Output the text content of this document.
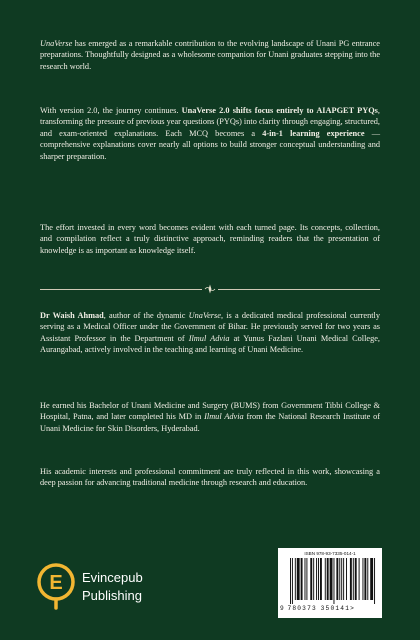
UnaVerse has emerged as a remarkable contribution to the evolving landscape of Unani PG entrance preparations. Thoughtfully designed as a wholesome companion for Unani graduates stepping into the research world.

With version 2.0, the journey continues. UnaVerse 2.0 shifts focus entirely to AIAPGET PYQs, transforming the pressure of previous year questions (PYQs) into clarity through engaging, structured, and exam-oriented explanations. Each MCQ becomes a 4-in-1 learning experience — comprehensive explanations cover nearly all options to build stronger conceptual understanding and sharper preparation.

The effort invested in every word becomes evident with each turned page. Its concepts, collection, and compilation reflect a truly distinctive approach, reminding readers that the presentation of knowledge is as important as knowledge itself.

Dr Waish Ahmad, author of the dynamic UnaVerse, is a dedicated medical professional currently serving as a Medical Officer under the Government of Bihar. He previously served for two years as Assistant Professor in the Department of Ilmul Advia at Yunus Fazlani Unani Medical College, Aurangabad, actively involved in the teaching and learning of Unani Medicine.

He earned his Bachelor of Unani Medicine and Surgery (BUMS) from Government Tibbi College & Hospital, Patna, and later completed his MD in Ilmul Advia from the National Research Institute of Unani Medicine for Skin Disorders, Hyderabad.

His academic interests and professional commitment are truly reflected in this work, showcasing a deep passion for advancing traditional medicine through research and education.

E Evincepub
Publishing
ISBN 978-93-7335-014-1
9 780373 350141>
